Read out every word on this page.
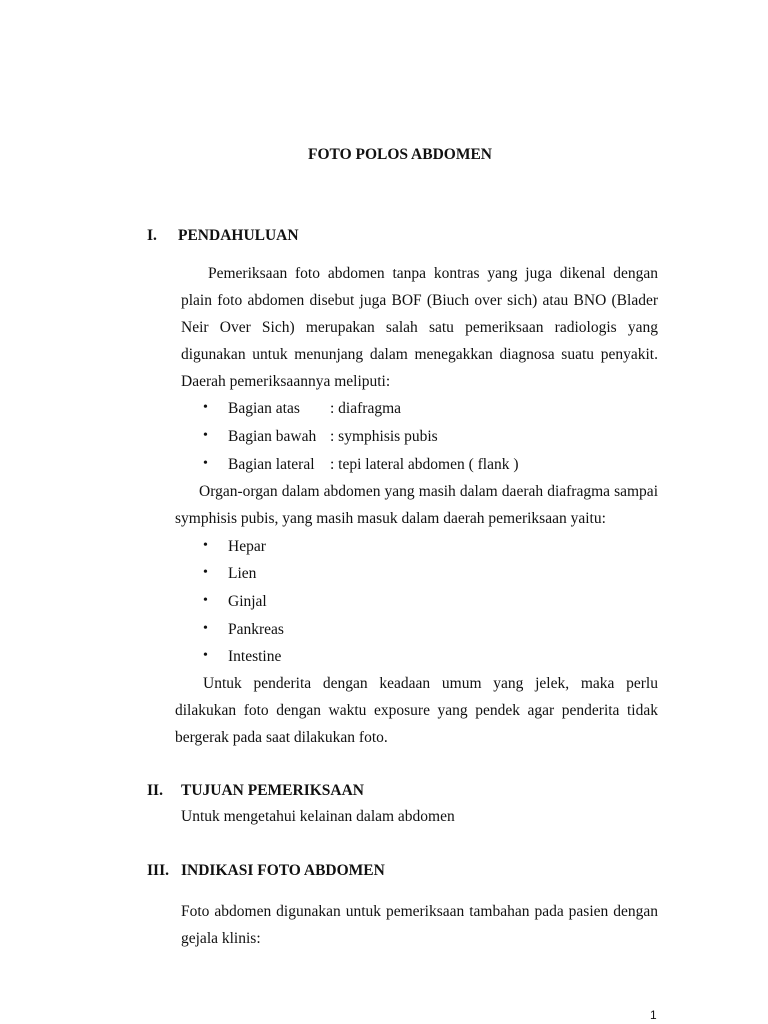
FOTO POLOS ABDOMEN
I. PENDAHULUAN
Pemeriksaan foto abdomen tanpa kontras yang juga dikenal dengan
plain foto abdomen disebut juga BOF (Biuch over sich) atau BNO (Blader
Neir Over Sich) merupakan salah satu pemeriksaan radiologis yang
digunakan untuk menunjang dalam menegakkan diagnosa suatu penyakit.
Daerah pemeriksaannya meliputi:
• Bagian atas : diafragma
• Bagian bawah : symphisis pubis
• Bagian lateral : tepi lateral abdomen ( flank )
Organ-organ dalam abdomen yang masih dalam daerah diafragma sampai
symphisis pubis, yang masih masuk dalam daerah pemeriksaan yaitu:
• Hepar
• Lien
• Ginjal
• Pankreas
• Intestine
Untuk penderita dengan keadaan umum yang jelek, maka perlu
dilakukan foto dengan waktu exposure yang pendek agar penderita tidak
bergerak pada saat dilakukan foto.
II. TUJUAN PEMERIKSAAN
Untuk mengetahui kelainan dalam abdomen
III. INDIKASI FOTO ABDOMEN
Foto abdomen digunakan untuk pemeriksaan tambahan pada pasien dengan
gejala klinis:
1
